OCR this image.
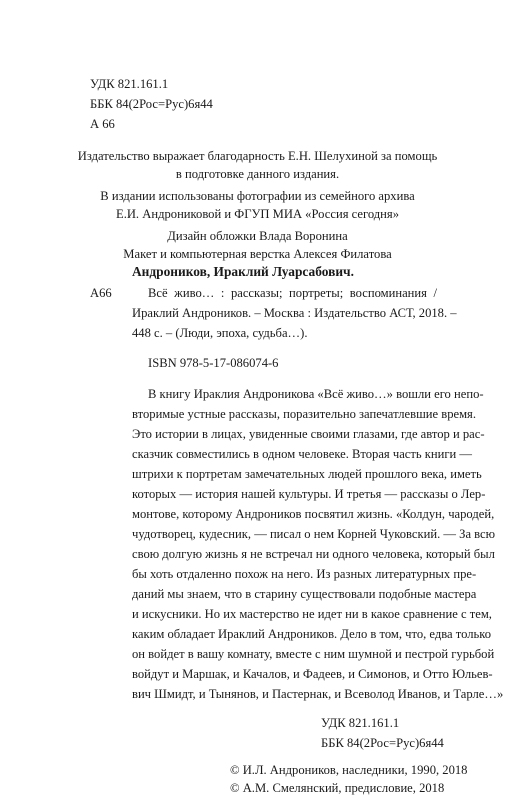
УДК 821.161.1
ББК 84(2Рос=Рус)6я44
А 66
Издательство выражает благодарность Е.Н. Шелухиной за помощь
в подготовке данного издания.
В издании использованы фотографии из семейного архива
Е.И. Андрониковой и ФГУП МИА «Россия сегодня»
Дизайн обложки Влада Воронина
Макет и компьютерная верстка Алексея Филатова
Андроников, Ираклий Луарсабович.
А66	Всё живо… : рассказы; портреты; воспоминания /
Ираклий Андроников. – Москва : Издательство АСТ, 2018. –
448 с. – (Люди, эпоха, судьба…).
ISBN 978-5-17-086074-6
В книгу Ираклия Андроникова «Всё живо…» вошли его непо-
вторимые устные рассказы, поразительно запечатлевшие время.
Это истории в лицах, увиденные своими глазами, где автор и рас-
сказчик совместились в одном человеке. Вторая часть книги —
штрихи к портретам замечательных людей прошлого века, иметь
которых — история нашей культуры. И третья — рассказы о Лер-
монтове, которому Андроников посвятил жизнь. «Колдун, чародей,
чудотворец, кудесник, — писал о нем Корней Чуковский. — За всю
свою долгую жизнь я не встречал ни одного человека, который был
бы хоть отдаленно похож на него. Из разных литературных пре-
даний мы знаем, что в старину существовали подобные мастера
и искусники. Но их мастерство не идет ни в какое сравнение с тем,
каким обладает Ираклий Андроников. Дело в том, что, едва только
он войдет в вашу комнату, вместе с ним шумной и пестрой гурьбой
войдут и Маршак, и Качалов, и Фадеев, и Симонов, и Отто Юльев-
вич Шмидт, и Тынянов, и Пастернак, и Всеволод Иванов, и Тарле…»
УДК 821.161.1
ББК 84(2Рос=Рус)6я44
© И.Л. Андроников, наследники, 1990, 2018
© А.М. Смелянский, предисловие, 2018
